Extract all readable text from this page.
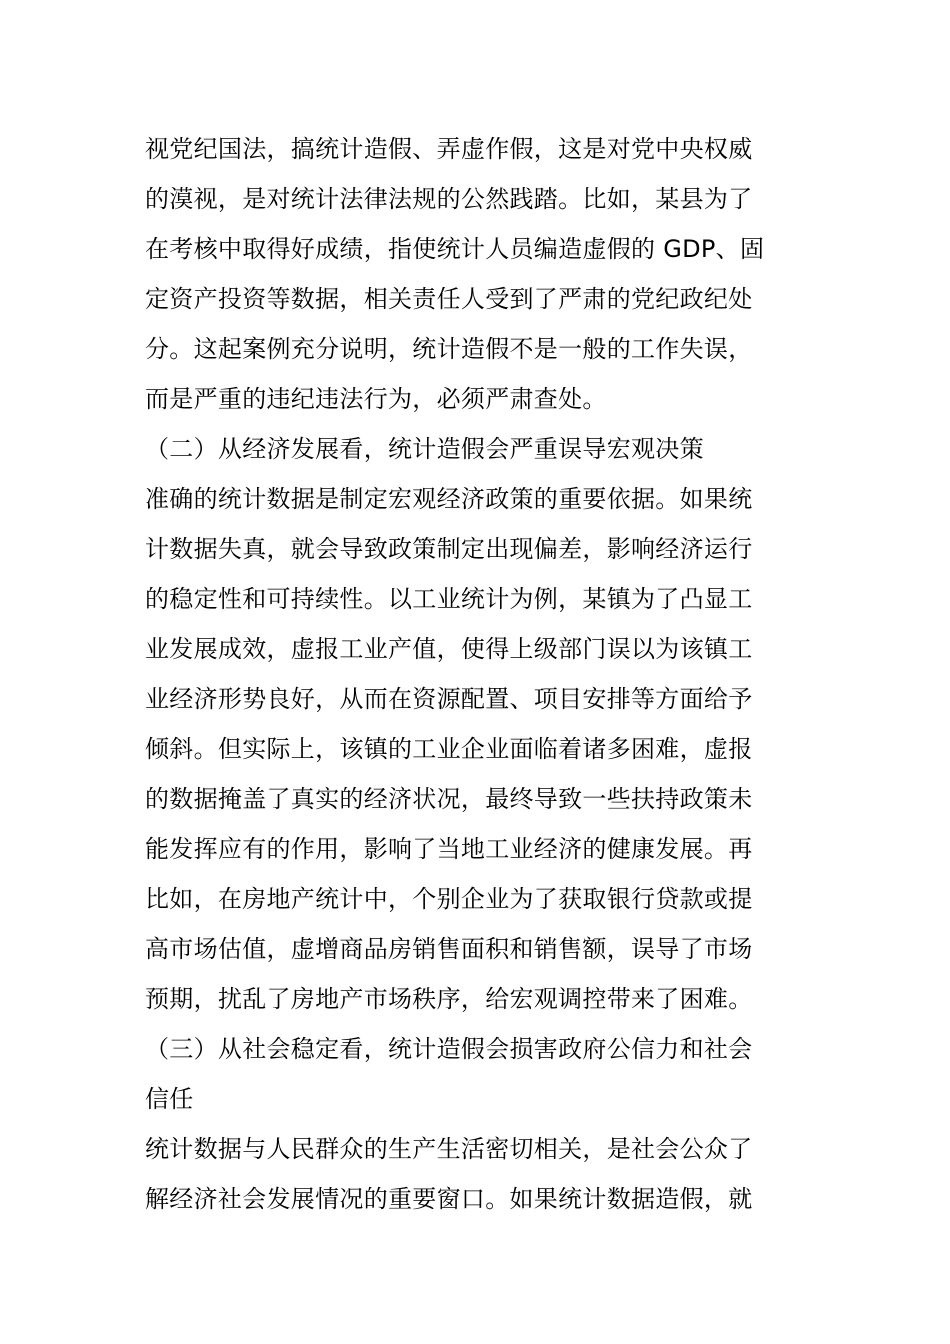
视党纪国法，搞统计造假、弄虚作假，这是对党中央权威
的漠视，是对统计法律法规的公然践踏。比如，某县为了
在考核中取得好成绩，指使统计人员编造虚假的 GDP、固
定资产投资等数据，相关责任人受到了严肃的党纪政纪处
分。这起案例充分说明，统计造假不是一般的工作失误，
而是严重的违纪违法行为，必须严肃查处。
（二）从经济发展看，统计造假会严重误导宏观决策
准确的统计数据是制定宏观经济政策的重要依据。如果统
计数据失真，就会导致政策制定出现偏差，影响经济运行
的稳定性和可持续性。以工业统计为例，某镇为了凸显工
业发展成效，虚报工业产值，使得上级部门误以为该镇工
业经济形势良好，从而在资源配置、项目安排等方面给予
倾斜。但实际上，该镇的工业企业面临着诸多困难，虚报
的数据掩盖了真实的经济状况，最终导致一些扶持政策未
能发挥应有的作用，影响了当地工业经济的健康发展。再
比如，在房地产统计中，个别企业为了获取银行贷款或提
高市场估值，虚增商品房销售面积和销售额，误导了市场
预期，扰乱了房地产市场秩序，给宏观调控带来了困难。
（三）从社会稳定看，统计造假会损害政府公信力和社会
信任
统计数据与人民群众的生产生活密切相关，是社会公众了
解经济社会发展情况的重要窗口。如果统计数据造假，就
